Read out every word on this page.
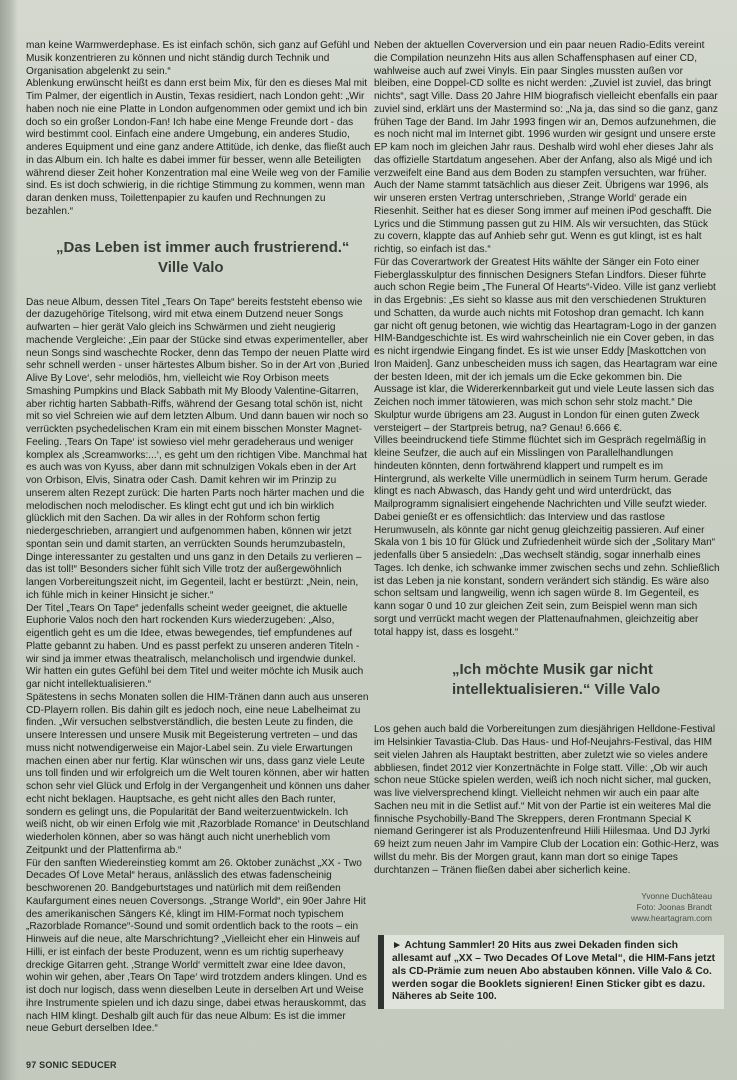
man keine Warmwerdephase. Es ist einfach schön, sich ganz auf Gefühl und Musik konzentrieren zu können und nicht ständig durch Technik und Organisation abgelenkt zu sein.“

Ablenkung erwünscht heißt es dann erst beim Mix, für den es dieses Mal mit Tim Palmer, der eigentlich in Austin, Texas residiert, nach London geht: „Wir haben noch nie eine Platte in London aufgenommen oder gemixt und ich bin doch so ein großer London-Fan! Ich habe eine Menge Freunde dort - das wird bestimmt cool. Einfach eine andere Umgebung, ein anderes Studio, anderes Equipment und eine ganz andere Attitüde, ich denke, das fließt auch in das Album ein. Ich halte es dabei immer für besser, wenn alle Beteiligten während dieser Zeit hoher Konzentration mal eine Weile weg von der Familie sind. Es ist doch schwierig, in die richtige Stimmung zu kommen, wenn man daran denken muss, Toilettenpapier zu kaufen und Rechnungen zu bezahlen.“

„Das Leben ist immer auch frustrierend.“
Ville Valo

Das neue Album, dessen Titel „Tears On Tape“ bereits feststeht ebenso wie der dazugehörige Titelsong, wird mit etwa einem Dutzend neuer Songs aufwarten – hier gerät Valo gleich ins Schwärmen und zieht neugierig machende Vergleiche: „Ein paar der Stücke sind etwas experimenteller, aber neun Songs sind waschechte Rocker, denn das Tempo der neuen Platte wird sehr schnell werden - unser härtestes Album bisher. So in der Art von ‚Buried Alive By Love‘, sehr melodiös, hm, vielleicht wie Roy Orbison meets Smashing Pumpkins und Black Sabbath mit My Bloody Valentine-Gitarren, aber richtig harten Sabbath-Riffs, während der Gesang total schön ist, nicht mit so viel Schreien wie auf dem letzten Album. Und dann bauen wir noch so verrückten psychedelischen Kram ein mit einem bisschen Monster Magnet-Feeling. ‚Tears On Tape‘ ist sowieso viel mehr geradeheraus und weniger komplex als ‚Screamworks:...‘, es geht um den richtigen Vibe. Manchmal hat es auch was von Kyuss, aber dann mit schnulzigen Vokals eben in der Art von Orbison, Elvis, Sinatra oder Cash. Damit kehren wir im Prinzip zu unserem alten Rezept zurück: Die harten Parts noch härter machen und die melodischen noch melodischer. Es klingt echt gut und ich bin wirklich glücklich mit den Sachen. Da wir alles in der Rohform schon fertig niedergeschrieben, arrangiert und aufgenommen haben, können wir jetzt spontan sein und damit starten, an verrückten Sounds herumzubasteln, Dinge interessanter zu gestalten und uns ganz in den Details zu verlieren – das ist toll!“ Besonders sicher fühlt sich Ville trotz der außergewöhnlich langen Vorbereitungszeit nicht, im Gegenteil, lacht er bestürzt: „Nein, nein, ich fühle mich in keiner Hinsicht je sicher.“

Der Titel „Tears On Tape“ jedenfalls scheint weder geeignet, die aktuelle Euphorie Valos noch den hart rockenden Kurs wiederzugeben: „Also, eigentlich geht es um die Idee, etwas bewegendes, tief empfundenes auf Platte gebannt zu haben. Und es passt perfekt zu unseren anderen Titeln - wir sind ja immer etwas theatralisch, melancholisch und irgendwie dunkel. Wir hatten ein gutes Gefühl bei dem Titel und weiter möchte ich Musik auch gar nicht intellektualisieren.“

Spätestens in sechs Monaten sollen die HIM-Tränen dann auch aus unseren CD-Playern rollen. Bis dahin gilt es jedoch noch, eine neue Labelheimat zu finden. „Wir versuchen selbstverständlich, die besten Leute zu finden, die unsere Interessen und unsere Musik mit Begeisterung vertreten – und das muss nicht notwendigerweise ein Major-Label sein. Zu viele Erwartungen machen einen aber nur fertig. Klar wünschen wir uns, dass ganz viele Leute uns toll finden und wir erfolgreich um die Welt touren können, aber wir hatten schon sehr viel Glück und Erfolg in der Vergangenheit und können uns daher echt nicht beklagen. Hauptsache, es geht nicht alles den Bach runter, sondern es gelingt uns, die Popularität der Band weiterzuentwickeln. Ich weiß nicht, ob wir einen Erfolg wie mit ‚Razorblade Romance‘ in Deutschland wiederholen können, aber so was hängt auch nicht unerheblich vom Zeitpunkt und der Plattenfirma ab.“

Für den sanften Wiedereinstieg kommt am 26. Oktober zunächst „XX - Two Decades Of Love Metal“ heraus, anlässlich des etwas fadenscheinig beschworenen 20. Bandgeburtstages und natürlich mit dem reißenden Kaufargument eines neuen Coversongs. „Strange World“, ein 90er Jahre Hit des amerikanischen Sängers Ké, klingt im HIM-Format noch typischem „Razorblade Romance“-Sound und somit ordentlich back to the roots – ein Hinweis auf die neue, alte Marschrichtung? „Vielleicht eher ein Hinweis auf Hilli, er ist einfach der beste Produzent, wenn es um richtig superheavy dreckige Gitarren geht. ‚Strange World‘ vermittelt zwar eine Idee davon, wohin wir gehen, aber ‚Tears On Tape‘ wird trotzdem anders klingen. Und es ist doch nur logisch, dass wenn dieselben Leute in derselben Art und Weise ihre Instrumente spielen und ich dazu singe, dabei etwas herauskommt, das nach HIM klingt. Deshalb gilt auch für das neue Album: Es ist die immer neue Geburt derselben Idee.“

Neben der aktuellen Coverversion und ein paar neuen Radio-Edits vereint die Compilation neunzehn Hits aus allen Schaffensphasen auf einer CD, wahlweise auch auf zwei Vinyls. Ein paar Singles mussten außen vor bleiben, eine Doppel-CD sollte es nicht werden: „Zuviel ist zuviel, das bringt nichts“, sagt Ville. Dass 20 Jahre HIM biografisch vielleicht ebenfalls ein paar zuviel sind, erklärt uns der Mastermind so: „Na ja, das sind so die ganz, ganz frühen Tage der Band. Im Jahr 1993 fingen wir an, Demos aufzunehmen, die es noch nicht mal im Internet gibt. 1996 wurden wir gesignt und unsere erste EP kam noch im gleichen Jahr raus. Deshalb wird wohl eher dieses Jahr als das offizielle Startdatum angesehen. Aber der Anfang, also als Migé und ich verzweifelt eine Band aus dem Boden zu stampfen versuchten, war früher. Auch der Name stammt tatsächlich aus dieser Zeit. Übrigens war 1996, als wir unseren ersten Vertrag unterschrieben, ‚Strange World‘ gerade ein Riesenhit. Seither hat es dieser Song immer auf meinen iPod geschafft. Die Lyrics und die Stimmung passen gut zu HIM. Als wir versuchten, das Stück zu covern, klappte das auf Anhieb sehr gut. Wenn es gut klingt, ist es halt richtig, so einfach ist das.“

Für das Coverartwork der Greatest Hits wählte der Sänger ein Foto einer Fieberglasskulptur des finnischen Designers Stefan Lindfors. Dieser führte auch schon Regie beim „The Funeral Of Hearts“-Video. Ville ist ganz verliebt in das Ergebnis: „Es sieht so klasse aus mit den verschiedenen Strukturen und Schatten, da wurde auch nichts mit Fotoshop dran gemacht. Ich kann gar nicht oft genug betonen, wie wichtig das Heartagram-Logo in der ganzen HIM-Bandgeschichte ist. Es wird wahrscheinlich nie ein Cover geben, in das es nicht irgendwie Eingang findet. Es ist wie unser Eddy [Maskottchen von Iron Maiden]. Ganz unbescheiden muss ich sagen, das Heartagram war eine der besten Ideen, mit der ich jemals um die Ecke gekommen bin. Die Aussage ist klar, die Widererkennbarkeit gut und viele Leute lassen sich das Zeichen noch immer tätowieren, was mich schon sehr stolz macht.“ Die Skulptur wurde übrigens am 23. August in London für einen guten Zweck versteigert – der Startpreis betrug, na? Genau! 6.666 €.

Villes beeindruckend tiefe Stimme flüchtet sich im Gespräch regelmäßig in kleine Seufzer, die auch auf ein Misslingen von Parallelhandlungen hindeuten könnten, denn fortwährend klappert und rumpelt es im Hintergrund, als werkelte Ville unermüdlich in seinem Turm herum. Gerade klingt es nach Abwasch, das Handy geht und wird unterdrückt, das Mailprogramm signalisiert eingehende Nachrichten und Ville seufzt wieder. Dabei genießt er es offensichtlich: das Interview und das rastlose Herumwuseln, als könnte gar nicht genug gleichzeitig passieren. Auf einer Skala von 1 bis 10 für Glück und Zufriedenheit würde sich der „Solitary Man“ jedenfalls über 5 ansiedeln: „Das wechselt ständig, sogar innerhalb eines Tages. Ich denke, ich schwanke immer zwischen sechs und zehn. Schließlich ist das Leben ja nie konstant, sondern verändert sich ständig. Es wäre also schon seltsam und langweilig, wenn ich sagen würde 8. Im Gegenteil, es kann sogar 0 und 10 zur gleichen Zeit sein, zum Beispiel wenn man sich sorgt und verrückt macht wegen der Plattenaufnahmen, gleichzeitig aber total happy ist, dass es losgeht.“

„Ich möchte Musik gar nicht
intellektualisieren.“ Ville Valo

Los gehen auch bald die Vorbereitungen zum diesjährigen Helldone-Festival im Helsinkier Tavastia-Club. Das Haus- und Hof-Neujahrs-Festival, das HIM seit vielen Jahren als Hauptakt bestritten, aber zuletzt wie so vieles andere abbliesen, findet 2012 vier Konzertnächte in Folge statt. Ville: „Ob wir auch schon neue Stücke spielen werden, weiß ich noch nicht sicher, mal gucken, was live vielversprechend klingt. Vielleicht nehmen wir auch ein paar alte Sachen neu mit in die Setlist auf.“ Mit von der Partie ist ein weiteres Mal die finnische Psychobilly-Band The Skreppers, deren Frontmann Special K niemand Geringerer ist als Produzentenfreund Hiili Hiilesmaa. Und DJ Jyrki 69 heizt zum neuen Jahr im Vampire Club der Location ein: Gothic-Herz, was willst du mehr. Bis der Morgen graut, kann man dort so einige Tapes durchtanzen – Tränen fließen dabei aber sicherlich keine.

Yvonne Duchâteau
Foto: Joonas Brandt
www.heartagram.com
► Achtung Sammler! 20 Hits aus zwei Dekaden finden sich allesamt auf „XX – Two Decades Of Love Metal“, die HIM-Fans jetzt als CD-Prämie zum neuen Abo abstauben können. Ville Valo & Co. werden sogar die Booklets signieren! Einen Sticker gibt es dazu. Näheres ab Seite 100.
97 SONIC SEDUCER
